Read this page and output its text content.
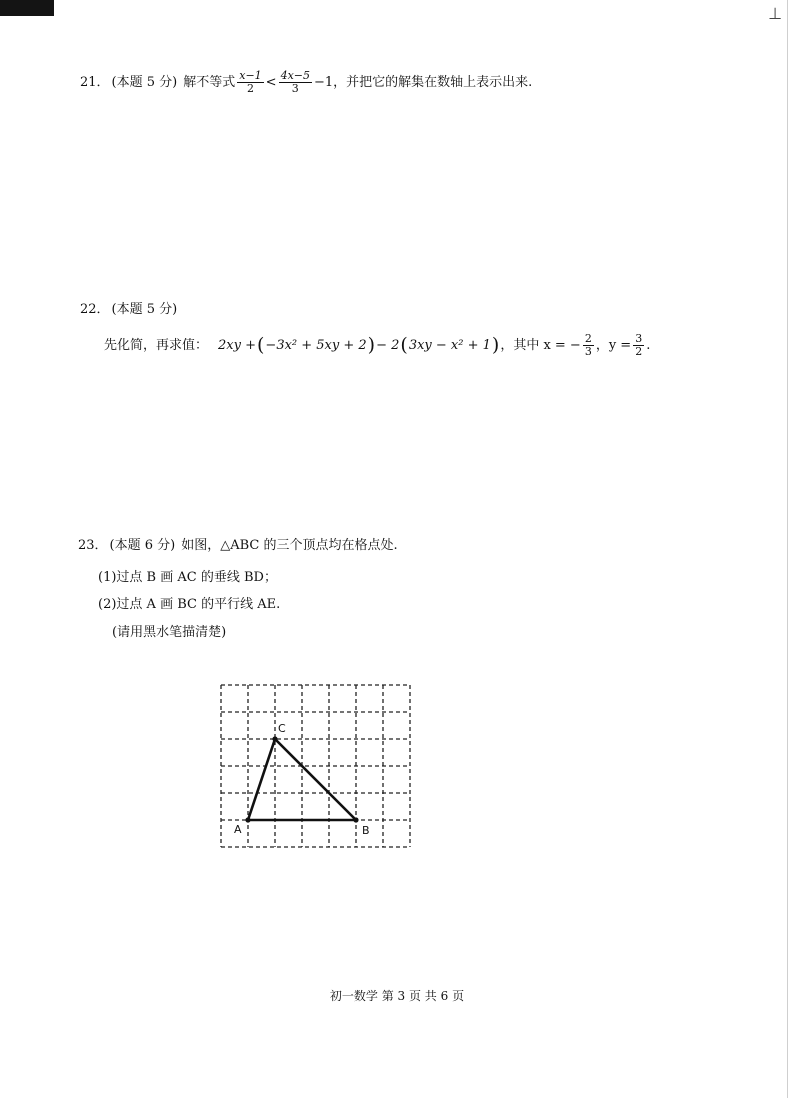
⊥
21． (本题 5 分) 解不等式 $\frac{x-1}{2} < \frac{4x-5}{3} -1$ ，并把它的解集在数轴上表示出来.
22． (本题 5 分)
先化简，再求值： 2xy + ( −3x² + 5xy + 2 ) − 2 ( 3xy − x² + 1 ) ，其中 x = − $\frac{2}{3}$ ，$y = \frac{3}{2}$ .
23． (本题 6 分) 如图，△ABC 的三个顶点均在格点处.
(1)过点 B 画 AC 的垂线 BD；
(2)过点 A 画 BC 的平行线 AE.
(请用黑水笔描清楚)
A	B
C
初一数学 第 3 页 共 6 页
